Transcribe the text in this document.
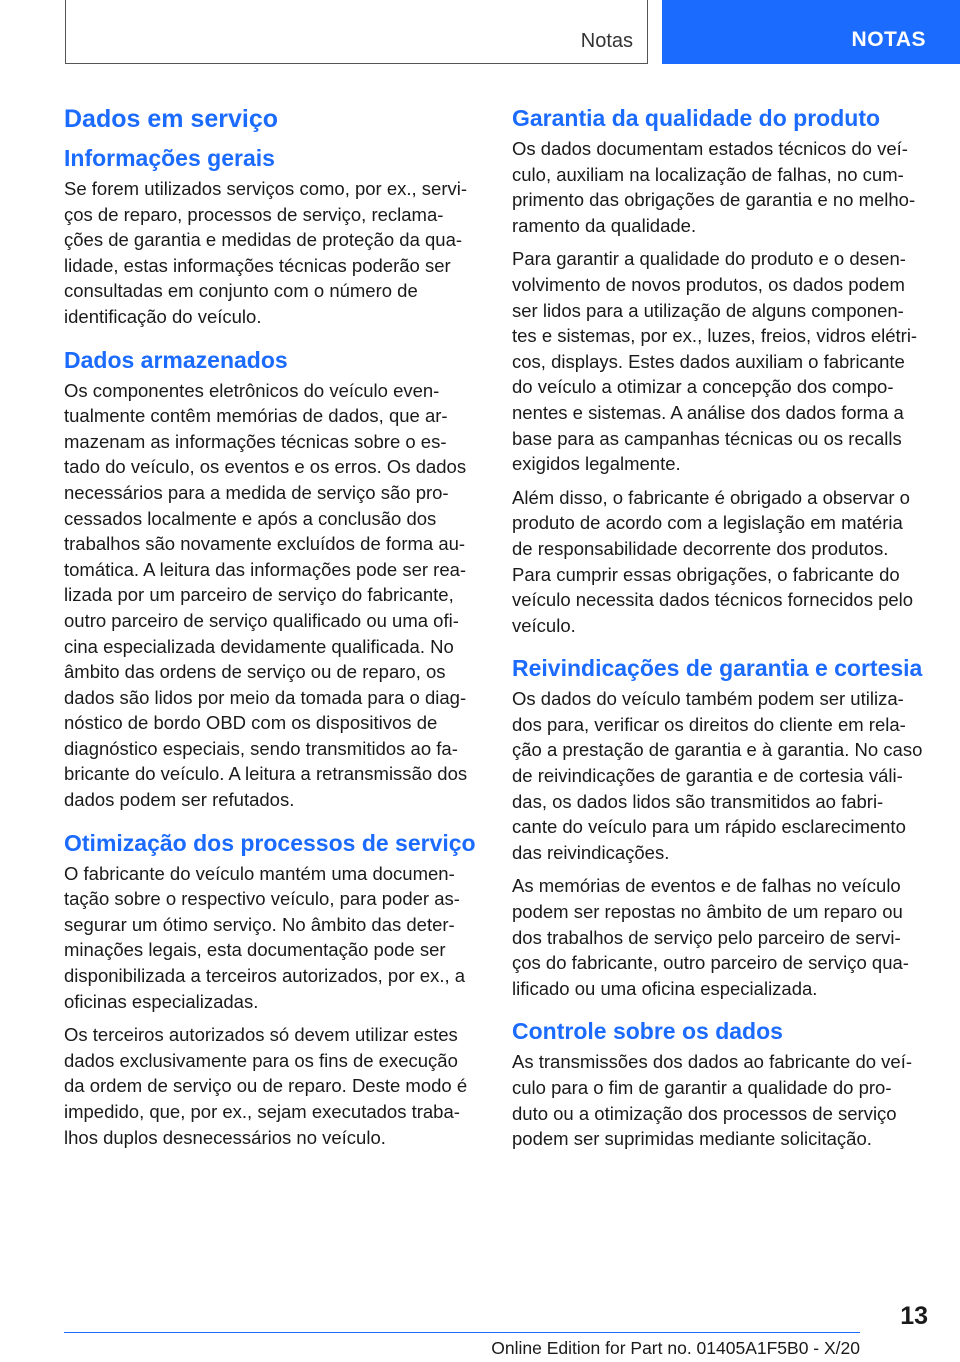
Notas	NOTAS
Dados em serviço
Informações gerais

Se forem utilizados serviços como, por ex., servi-ços de reparo, processos de serviço, reclama-ções de garantia e medidas de proteção da qua-lidade, estas informações técnicas poderão ser consultadas em conjunto com o número de identificação do veículo.

Dados armazenados

Os componentes eletrônicos do veículo even-tualmente contêm memórias de dados, que ar-mazenam as informações técnicas sobre o es-tado do veículo, os eventos e os erros. Os dados necessários para a medida de serviço são pro-cessados localmente e após a conclusão dos trabalhos são novamente excluídos de forma au-tomática. A leitura das informações pode ser rea-lizada por um parceiro de serviço do fabricante, outro parceiro de serviço qualificado ou uma ofi-cina especializada devidamente qualificada. No âmbito das ordens de serviço ou de reparo, os dados são lidos por meio da tomada para o diag-nóstico de bordo OBD com os dispositivos de diagnóstico especiais, sendo transmitidos ao fa-bricante do veículo. A leitura a retransmissão dos dados podem ser refutados.

Otimização dos processos de serviço

O fabricante do veículo mantém uma documen-tação sobre o respectivo veículo, para poder as-segurar um ótimo serviço. No âmbito das deter-minações legais, esta documentação pode ser disponibilizada a terceiros autorizados, por ex., a oficinas especializadas.

Os terceiros autorizados só devem utilizar estes dados exclusivamente para os fins de execução da ordem de serviço ou de reparo. Deste modo é impedido, que, por ex., sejam executados traba-lhos duplos desnecessários no veículo.

Garantia da qualidade do produto

Os dados documentam estados técnicos do veí-culo, auxiliam na localização de falhas, no cum-primento das obrigações de garantia e no melho-ramento da qualidade.

Para garantir a qualidade do produto e o desen-volvimento de novos produtos, os dados podem ser lidos para a utilização de alguns componen-tes e sistemas, por ex., luzes, freios, vidros elétri-cos, displays. Estes dados auxiliam o fabricante do veículo a otimizar a concepção dos compo-nentes e sistemas. A análise dos dados forma a base para as campanhas técnicas ou os recalls exigidos legalmente.

Além disso, o fabricante é obrigado a observar o produto de acordo com a legislação em matéria de responsabilidade decorrente dos produtos. Para cumprir essas obrigações, o fabricante do veículo necessita dados técnicos fornecidos pelo veículo.

Reivindicações de garantia e cortesia

Os dados do veículo também podem ser utiliza-dos para, verificar os direitos do cliente em rela-ção a prestação de garantia e à garantia. No caso de reivindicações de garantia e de cortesia váli-das, os dados lidos são transmitidos ao fabri-cante do veículo para um rápido esclarecimento das reivindicações.

As memórias de eventos e de falhas no veículo podem ser repostas no âmbito de um reparo ou dos trabalhos de serviço pelo parceiro de servi-ços do fabricante, outro parceiro de serviço qua-lificado ou uma oficina especializada.

Controle sobre os dados

As transmissões dos dados ao fabricante do veí-culo para o fim de garantir a qualidade do pro-duto ou a otimização dos processos de serviço podem ser suprimidas mediante solicitação.

13
Online Edition for Part no. 01405A1F5B0 - X/20
